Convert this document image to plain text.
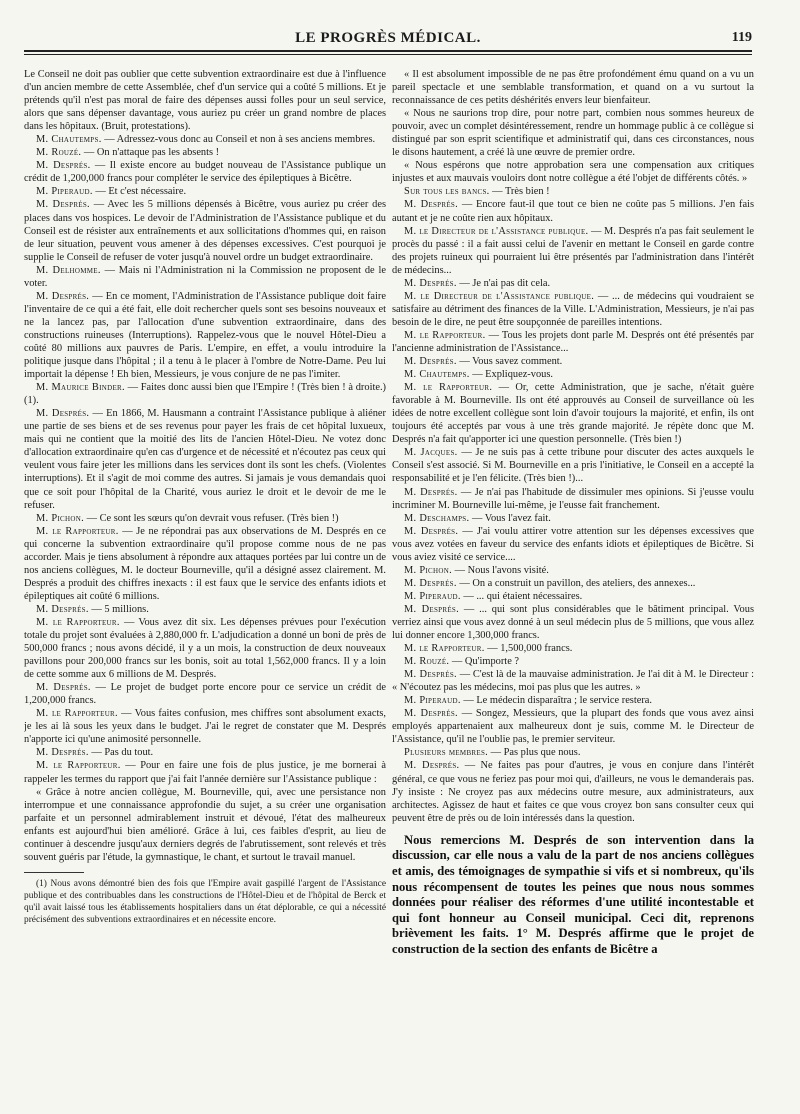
LE PROGRÈS MÉDICAL.	119

Le Conseil ne doit pas oublier que cette subvention extraordinaire est due à l'influence d'un ancien membre de cette Assemblée, chef d'un service qui a coûté 5 millions. Et je prétends qu'il n'est pas moral de faire des dépenses aussi folles pour un seul service, alors que sans dépenser davantage, vous auriez pu créer un grand nombre de places dans les hôpitaux. (Bruit, protestations).

M. Chautemps. — Adressez-vous donc au Conseil et non à ses anciens membres.

M. Rouzé. — On n'attaque pas les absents !

M. Després. — Il existe encore au budget nouveau de l'Assistance publique un crédit de 1,200,000 francs pour compléter le service des épileptiques à Bicêtre.

M. Piperaud. — Et c'est nécessaire.

M. Després. — Avec les 5 millions dépensés à Bicêtre, vous auriez pu créer des places dans vos hospices. Le devoir de l'Administration de l'Assistance publique et du Conseil est de résister aux entraînements et aux sollicitations d'hommes qui, en raison de leur situation, peuvent vous amener à des dépenses excessives. C'est pourquoi je supplie le Conseil de refuser de voter jusqu'à nouvel ordre un budget extraordinaire.

M. Delhomme. — Mais ni l'Administration ni la Commission ne proposent de le voter.

M. Després. — En ce moment, l'Administration de l'Assistance publique doit faire l'inventaire de ce qui a été fait, elle doit rechercher quels sont ses besoins nouveaux et ne la lancez pas, par l'allocation d'une subvention extraordinaire, dans des constructions ruineuses (Interruptions). Rappelez-vous que le nouvel Hôtel-Dieu a coûté 80 millions aux pauvres de Paris. L'empire, en effet, a voulu introduire la politique jusque dans l'hôpital ; il a tenu à le placer à l'ombre de Notre-Dame. Peu lui importait la dépense ! Eh bien, Messieurs, je vous conjure de ne pas l'imiter.

M. Maurice Binder. — Faites donc aussi bien que l'Empire ! (Très bien ! à droite.) (1).

M. Després. — En 1866, M. Hausmann a contraint l'Assistance publique à aliéner une partie de ses biens et de ses revenus pour payer les frais de cet hôpital luxueux, mais qui ne contient que la moitié des lits de l'ancien Hôtel-Dieu. Ne votez donc d'allocation extraordinaire qu'en cas d'urgence et de nécessité et n'écoutez pas ceux qui veulent vous faire jeter les millions dans les services dont ils sont les chefs. (Violentes interruptions). Et il s'agit de moi comme des autres. Si jamais je vous demandais quoi que ce soit pour l'hôpital de la Charité, vous auriez le droit et le devoir de me le refuser.

M. Pichon. — Ce sont les sœurs qu'on devrait vous refuser. (Très bien !)

M. le Rapporteur. — Je ne répondrai pas aux observations de M. Després en ce qui concerne la subvention extraordinaire qu'il propose comme nous de ne pas accorder. Mais je tiens absolument à répondre aux attaques portées par lui contre un de nos anciens collègues, M. le docteur Bourneville, qu'il a désigné assez clairement. M. Després a produit des chiffres inexacts : il est faux que le service des enfants idiots et épileptiques ait coûté 6 millions.

M. Després. — 5 millions.

M. le Rapporteur. — Vous avez dit six. Les dépenses prévues pour l'exécution totale du projet sont évaluées à 2,880,000 fr. L'adjudication a donné un boni de près de 500,000 francs ; nous avons décidé, il y a un mois, la construction de deux nouveaux pavillons pour 200,000 francs sur les bonis, soit au total 1,562,000 francs. Il y a loin de cette somme aux 6 millions de M. Després.

M. Després. — Le projet de budget porte encore pour ce service un crédit de 1,200,000 francs.

M. le Rapporteur. — Vous faites confusion, mes chiffres sont absolument exacts, je les ai là sous les yeux dans le budget. J'ai le regret de constater que M. Després n'apporte ici qu'une animosité personnelle.

M. Després. — Pas du tout.

M. le Rapporteur. — Pour en faire une fois de plus justice, je me bornerai à rappeler les termes du rapport que j'ai fait l'année dernière sur l'Assistance publique :

« Grâce à notre ancien collègue, M. Bourneville, qui, avec une persistance non interrompue et une connaissance approfondie du sujet, a su créer une organisation parfaite et un personnel admirablement instruit et dévoué, l'état des malheureux enfants est aujourd'hui bien amélioré. Grâce à lui, ces faibles d'esprit, au lieu de continuer à descendre jusqu'aux derniers degrés de l'abrutissement, sont relevés et très souvent guéris par l'étude, la gymnastique, le chant, et surtout le travail manuel.

(1) Nous avons démontré bien des fois que l'Empire avait gaspillé l'argent de l'Assistance publique et des contribuables dans les constructions de l'Hôtel-Dieu et de l'hôpital de Berck et qu'il avait laissé tous les établissements hospitaliers dans un état déplorable, ce qui a nécessité précisément des subventions extraordinaires et en nécessite encore.

« Il est absolument impossible de ne pas être profondément ému quand on a vu un pareil spectacle et une semblable transformation, et quand on a vu surtout la reconnaissance de ces petits déshérités envers leur bienfaiteur.

« Nous ne saurions trop dire, pour notre part, combien nous sommes heureux de pouvoir, avec un complet désintéressement, rendre un hommage public à ce collègue si distingué par son esprit scientifique et administratif qui, dans ces circonstances, nous le disons hautement, a créé là une œuvre de premier ordre.

« Nous espérons que notre approbation sera une compensation aux critiques injustes et aux mauvais vouloirs dont notre collègue a été l'objet de différents côtés. »

Sur tous les bancs. — Très bien !

M. Després. — Encore faut-il que tout ce bien ne coûte pas 5 millions. J'en fais autant et je ne coûte rien aux hôpitaux.

M. le Directeur de l'Assistance publique. — M. Després n'a pas fait seulement le procès du passé : il a fait aussi celui de l'avenir en mettant le Conseil en garde contre des projets ruineux qui pourraient lui être présentés par l'administration dans l'intérêt de médecins...

M. Després. — Je n'ai pas dit cela.

M. le Directeur de l'Assistance publique. — ... de médecins qui voudraient se satisfaire au détriment des finances de la Ville. L'Administration, Messieurs, je n'ai pas besoin de le dire, ne peut être soupçonnée de pareilles intentions.

M. le Rapporteur. — Tous les projets dont parle M. Després ont été présentés par l'ancienne administration de l'Assistance...

M. Després. — Vous savez comment.

M. Chautemps. — Expliquez-vous.

M. le Rapporteur. — Or, cette Administration, que je sache, n'était guère favorable à M. Bourneville. Ils ont été approuvés au Conseil de surveillance où les idées de notre excellent collègue sont loin d'avoir toujours la majorité, et enfin, ils ont toujours été acceptés par vous à une très grande majorité. Je répète donc que M. Després n'a fait qu'apporter ici une question personnelle. (Très bien !)

M. Jacques. — Je ne suis pas à cette tribune pour discuter des actes auxquels le Conseil s'est associé. Si M. Bourneville en a pris l'initiative, le Conseil en a accepté la responsabilité et je l'en félicite. (Très bien !)...

M. Després. — Je n'ai pas l'habitude de dissimuler mes opinions. Si j'eusse voulu incriminer M. Bourneville lui-même, je l'eusse fait franchement.

M. Deschamps. — Vous l'avez fait.

M. Després. — J'ai voulu attirer votre attention sur les dépenses excessives que vous avez votées en faveur du service des enfants idiots et épileptiques de Bicêtre. Si vous aviez visité ce service....

M. Pichon. — Nous l'avons visité.

M. Després. — On a construit un pavillon, des ateliers, des annexes...

M. Piperaud. — ... qui étaient nécessaires.

M. Després. — ... qui sont plus considérables que le bâtiment principal. Vous verriez ainsi que vous avez donné à un seul médecin plus de 5 millions, que vous allez lui donner encore 1,300,000 francs.

M. le Rapporteur. — 1,500,000 francs.

M. Rouzé. — Qu'importe ?

M. Després. — C'est là de la mauvaise administration. Je l'ai dit à M. le Directeur : « N'écoutez pas les médecins, moi pas plus que les autres. »

M. Piperaud. — Le médecin disparaîtra ; le service restera.

M. Després. — Songez, Messieurs, que la plupart des fonds que vous avez ainsi employés appartenaient aux malheureux dont je suis, comme M. le Directeur de l'Assistance, qu'il ne l'oublie pas, le premier serviteur.

Plusieurs membres. — Pas plus que nous.

M. Després. — Ne faites pas pour d'autres, je vous en conjure dans l'intérêt général, ce que vous ne feriez pas pour moi qui, d'ailleurs, ne vous le demanderais pas. J'y insiste : Ne croyez pas aux médecins outre mesure, aux administrateurs, aux architectes. Agissez de haut et faites ce que vous croyez bon sans consulter ceux qui peuvent être de près ou de loin intéressés dans la question.

Nous remercions M. Després de son intervention dans la discussion, car elle nous a valu de la part de nos anciens collègues et amis, des témoignages de sympathie si vifs et si nombreux, qu'ils nous récompensent de toutes les peines que nous nous sommes données pour réaliser des réformes d'une utilité incontestable et qui font honneur au Conseil municipal. Ceci dit, reprenons brièvement les faits. 1° M. Després affirme que le projet de construction de la section des enfants de Bicêtre a
